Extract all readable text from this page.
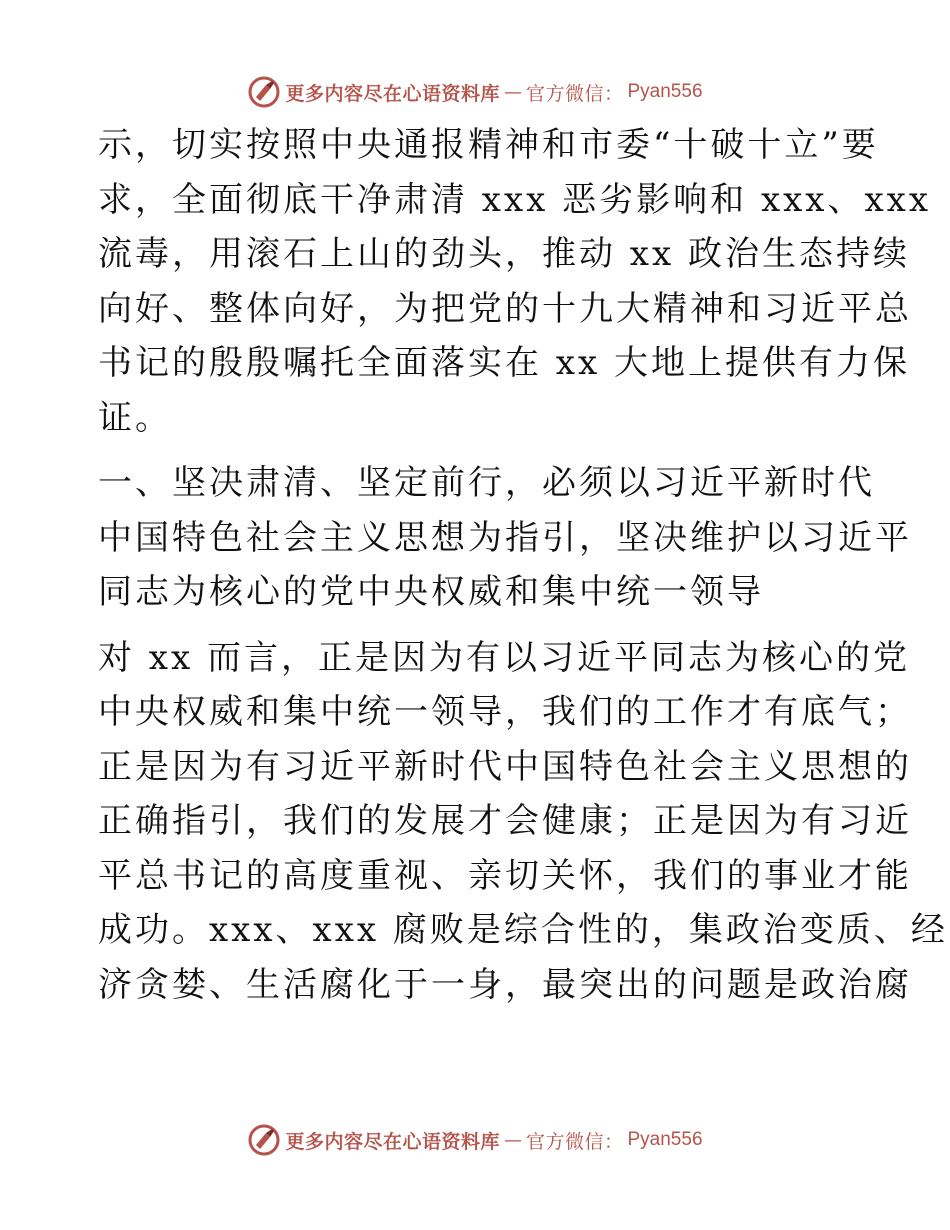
更多内容尽在心语资料库 — 官方微信： Pyan556

示，切实按照中央通报精神和市委“十破十立”要
求，全面彻底干净肃清 xxx 恶劣影响和 xxx、xxx
流毒，用滚石上山的劲头，推动 xx 政治生态持续
向好、整体向好，为把党的十九大精神和习近平总
书记的殷殷嘱托全面落实在 xx 大地上提供有力保
证。

一、坚决肃清、坚定前行，必须以习近平新时代
中国特色社会主义思想为指引，坚决维护以习近平
同志为核心的党中央权威和集中统一领导

对 xx 而言，正是因为有以习近平同志为核心的党
中央权威和集中统一领导，我们的工作才有底气；
正是因为有习近平新时代中国特色社会主义思想的
正确指引，我们的发展才会健康；正是因为有习近
平总书记的高度重视、亲切关怀，我们的事业才能
成功。xxx、xxx 腐败是综合性的，集政治变质、经
济贪婪、生活腐化于一身，最突出的问题是政治腐

更多内容尽在心语资料库 — 官方微信： Pyan556
